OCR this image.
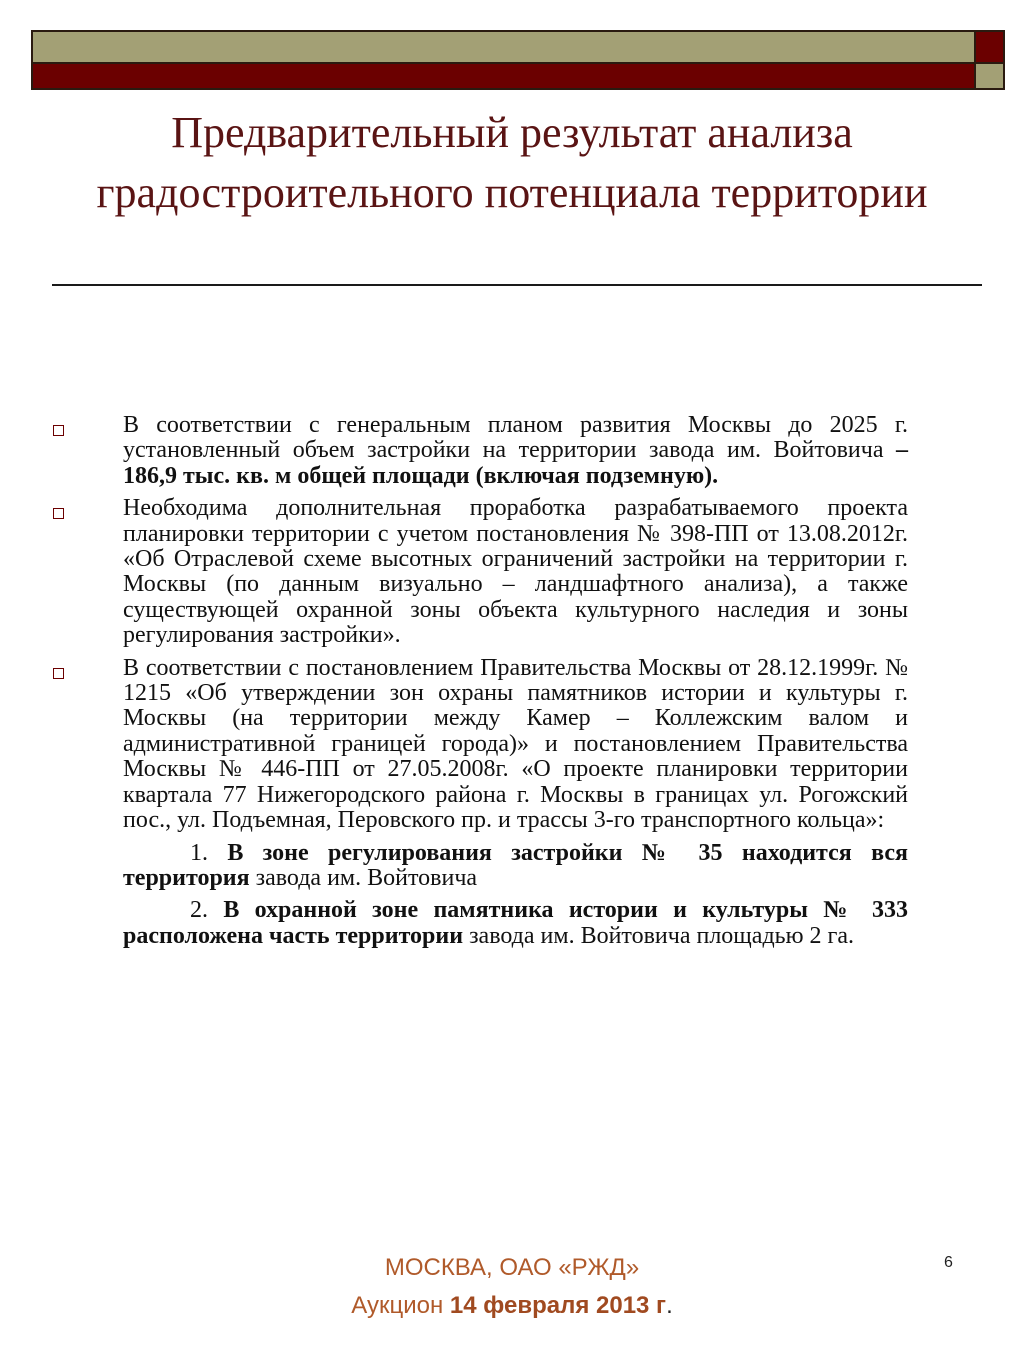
Предварительный результат анализа градостроительного потенциала территории

В соответствии с генеральным планом развития Москвы до 2025 г. установленный объем застройки на территории завода им. Войтовича – 186,9 тыс. кв. м общей площади (включая подземную).

Необходима дополнительная проработка разрабатываемого проекта планировки территории с учетом постановления № 398-ПП от 13.08.2012г. «Об Отраслевой схеме высотных ограничений застройки на территории г. Москвы (по данным визуально – ландшафтного анализа), а также существующей охранной зоны объекта культурного наследия и зоны регулирования застройки».

В соответствии с постановлением Правительства Москвы от 28.12.1999г. № 1215 «Об утверждении зон охраны памятников истории и культуры г. Москвы (на территории между Камер – Коллежским валом и административной границей города)» и постановлением Правительства Москвы № 446-ПП от 27.05.2008г. «О проекте планировки территории квартала 77 Нижегородского района г. Москвы в границах ул. Рогожский пос., ул. Подъемная, Перовского пр. и трассы 3-го транспортного кольца»:

1. В зоне регулирования застройки № 35 находится вся территория завода им. Войтовича

2. В охранной зоне памятника истории и культуры № 333 расположена часть территории завода им. Войтовича площадью 2 га.

МОСКВА, ОАО «РЖД»
Аукцион 14 февраля 2013 г.
6
